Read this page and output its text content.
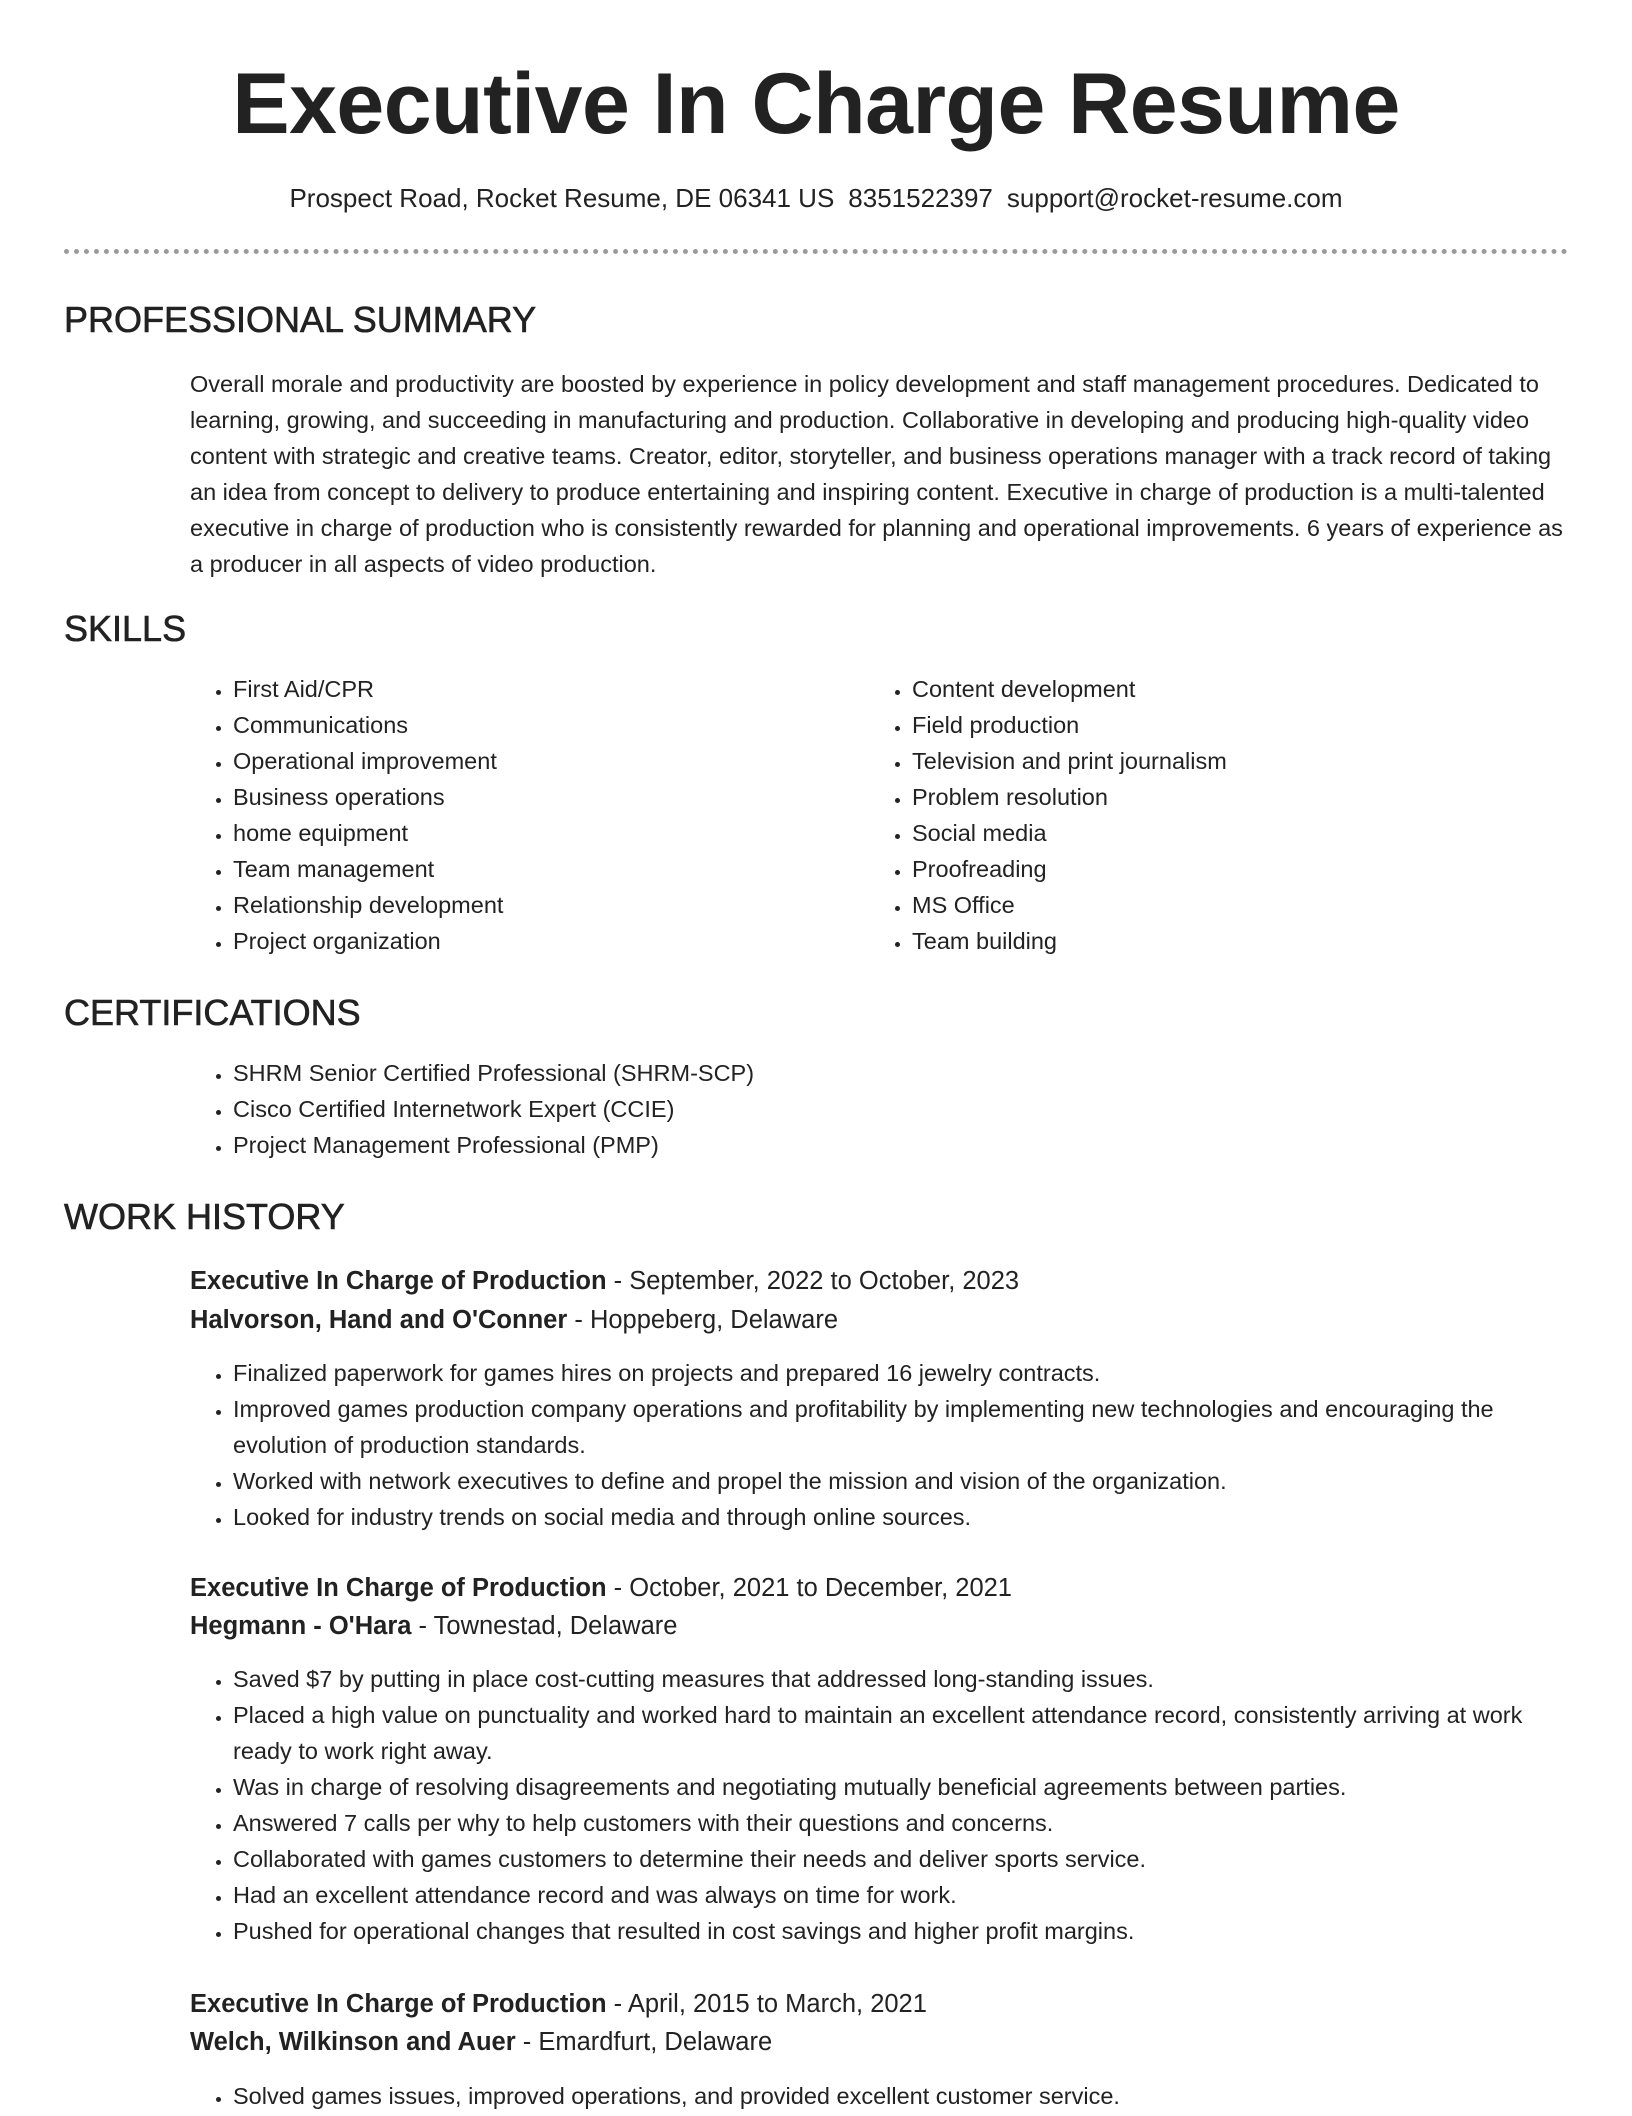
Executive In Charge Resume
Prospect Road, Rocket Resume, DE 06341 US 8351522397 support@rocket-resume.com
PROFESSIONAL SUMMARY

Overall morale and productivity are boosted by experience in policy development and staff management procedures. Dedicated to learning, growing, and succeeding in manufacturing and production. Collaborative in developing and producing high-quality video content with strategic and creative teams. Creator, editor, storyteller, and business operations manager with a track record of taking an idea from concept to delivery to produce entertaining and inspiring content. Executive in charge of production is a multi-talented executive in charge of production who is consistently rewarded for planning and operational improvements. 6 years of experience as a producer in all aspects of video production.

SKILLS
• First Aid/CPR
• Communications
• Operational improvement
• Business operations
• home equipment
• Team management
• Relationship development
• Project organization
• Content development
• Field production
• Television and print journalism
• Problem resolution
• Social media
• Proofreading
• MS Office
• Team building
CERTIFICATIONS
• SHRM Senior Certified Professional (SHRM-SCP)
• Cisco Certified Internetwork Expert (CCIE)
• Project Management Professional (PMP)
WORK HISTORY
Executive In Charge of Production - September, 2022 to October, 2023
Halvorson, Hand and O'Conner - Hoppeberg, Delaware
• Finalized paperwork for games hires on projects and prepared 16 jewelry contracts.
• Improved games production company operations and profitability by implementing new technologies and encouraging the evolution of production standards.
• Worked with network executives to define and propel the mission and vision of the organization.
• Looked for industry trends on social media and through online sources.
Executive In Charge of Production - October, 2021 to December, 2021
Hegmann - O'Hara - Townestad, Delaware
• Saved $7 by putting in place cost-cutting measures that addressed long-standing issues.
• Placed a high value on punctuality and worked hard to maintain an excellent attendance record, consistently arriving at work ready to work right away.
• Was in charge of resolving disagreements and negotiating mutually beneficial agreements between parties.
• Answered 7 calls per why to help customers with their questions and concerns.
• Collaborated with games customers to determine their needs and deliver sports service.
• Had an excellent attendance record and was always on time for work.
• Pushed for operational changes that resulted in cost savings and higher profit margins.
Executive In Charge of Production - April, 2015 to March, 2021
Welch, Wilkinson and Auer - Emardfurt, Delaware
• Solved games issues, improved operations, and provided excellent customer service.
